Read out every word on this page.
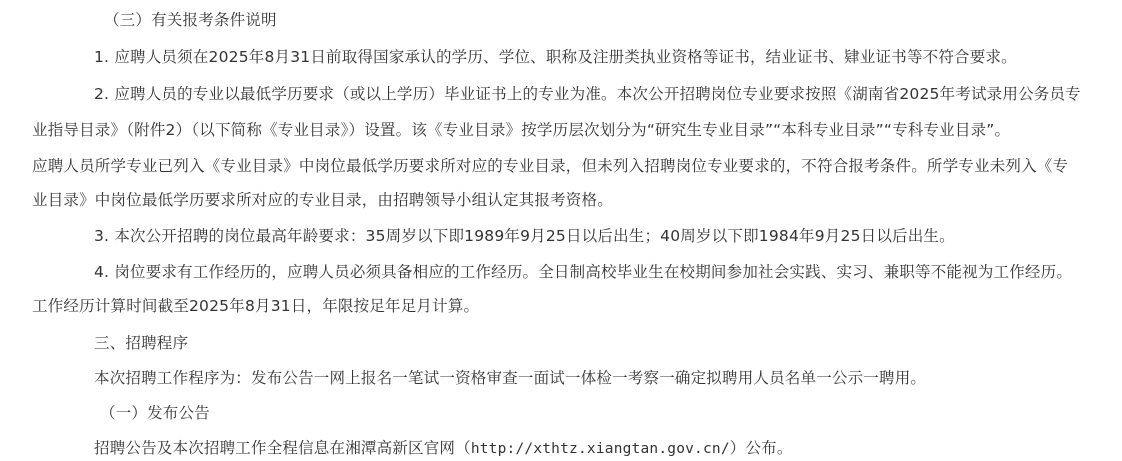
（三）有关报考条件说明
1. 应聘人员须在2025年8月31日前取得国家承认的学历、学位、职称及注册类执业资格等证书，结业证书、肄业证书等不符合要求。
2. 应聘人员的专业以最低学历要求（或以上学历）毕业证书上的专业为准。本次公开招聘岗位专业要求按照《湖南省2025年考试录用公务员专
业指导目录》（附件2）（以下简称《专业目录》）设置。该《专业目录》按学历层次划分为“研究生专业目录”“本科专业目录”“专科专业目录”。
应聘人员所学专业已列入《专业目录》中岗位最低学历要求所对应的专业目录，但未列入招聘岗位专业要求的，不符合报考条件。所学专业未列入《专
业目录》中岗位最低学历要求所对应的专业目录，由招聘领导小组认定其报考资格。
3. 本次公开招聘的岗位最高年龄要求：35周岁以下即1989年9月25日以后出生；40周岁以下即1984年9月25日以后出生。
4. 岗位要求有工作经历的，应聘人员必须具备相应的工作经历。全日制高校毕业生在校期间参加社会实践、实习、兼职等不能视为工作经历。
工作经历计算时间截至2025年8月31日，年限按足年足月计算。
三、招聘程序
本次招聘工作程序为：发布公告一网上报名一笔试一资格审查一面试一体检一考察一确定拟聘用人员名单一公示一聘用。
（一）发布公告
招聘公告及本次招聘工作全程信息在湘潭高新区官网（http://xthtz.xiangtan.gov.cn/）公布。
